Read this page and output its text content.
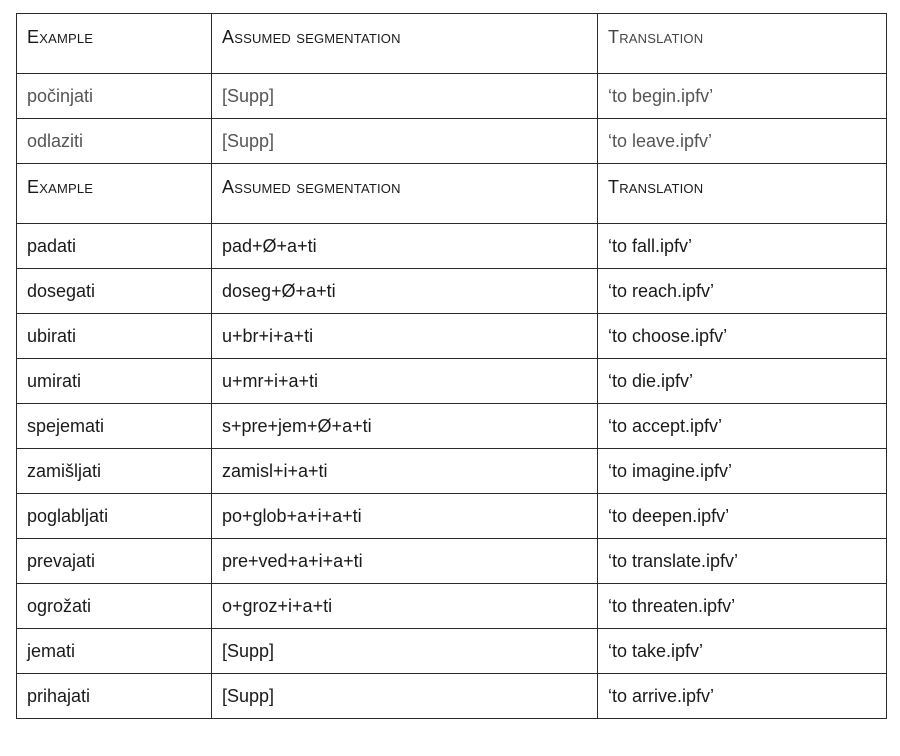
Example	Assumed segmentation	Translation
počinjati	[Supp]	‘to begin.ipfv’
odlaziti	[Supp]	‘to leave.ipfv’
Example	Assumed segmentation	Translation
padati	pad+Ø+a+ti	‘to fall.ipfv’
dosegati	doseg+Ø+a+ti	‘to reach.ipfv’
ubirati	u+br+i+a+ti	‘to choose.ipfv’
umirati	u+mr+i+a+ti	‘to die.ipfv’
spejemati	s+pre+jem+Ø+a+ti	‘to accept.ipfv’
zamišljati	zamisl+i+a+ti	‘to imagine.ipfv’
poglabljati	po+glob+a+i+a+ti	‘to deepen.ipfv’
prevajati	pre+ved+a+i+a+ti	‘to translate.ipfv’
ogrožati	o+groz+i+a+ti	‘to threaten.ipfv’
jemati	[Supp]	‘to take.ipfv’
prihajati	[Supp]	‘to arrive.ipfv’
